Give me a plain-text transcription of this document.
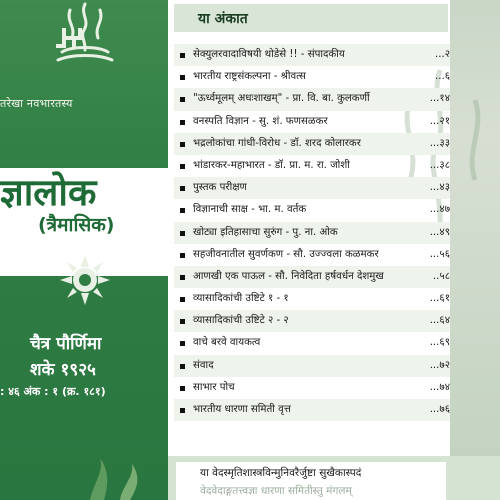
तरेखा नवभारतस्य
ज्ञालोक
(त्रैमासिक)
चैत्र पौर्णिमा
शके १९२५
: ४६ अंक : १ (क्र. १८१)
या अंकात
सेक्युलरवादाविषयी थोडेसे !! - संपादकीय	...२
भारतीय राष्ट्रसंकल्पना - श्रीवत्स	...६
"ऊर्ध्वमूलम् अधःशाखम्" - प्रा. वि. बा. कुलकर्णी	...१४
वनस्पति विज्ञान - सु. शं. फणसळकर	...२१
भद्रलोकांचा गांधी-विरोध - डॉ. शरद कोलारकर	...३३
भांडारकर-महाभारत - डॉ. प्रा. म. रा. जोशी	...३८
पुस्तक परीक्षण	...४३
विज्ञानाची साक्ष - भा. म. वर्तक	...४७
खोट्या इतिहासाचा सुरुंग - पु. ना. ओक	...४९
सहजीवनातील सुवर्णकण - सौ. उज्ज्वला कळमकर	...५६
आणखी एक पाऊल - सौ. निवेदिता हर्षवर्धन देशमुख	..५८
व्यासादिकांची उष्टिटे १ - १	...६१
व्यासादिकांची उष्टिटे २ - २	...६४
वाचे बरवे वायकत्व	...६९
संवाद	...७२
साभार पोच	...७४
भारतीय धारणा समिती वृत्त	...७६
या वेदस्मृतिशास्त्रविन्मुनिवरैर्जुष्टा सुखैकास्पदं
वेदवेदाङ्गतत्त्वज्ञा धारणा समितीस्तु मंगलम्
